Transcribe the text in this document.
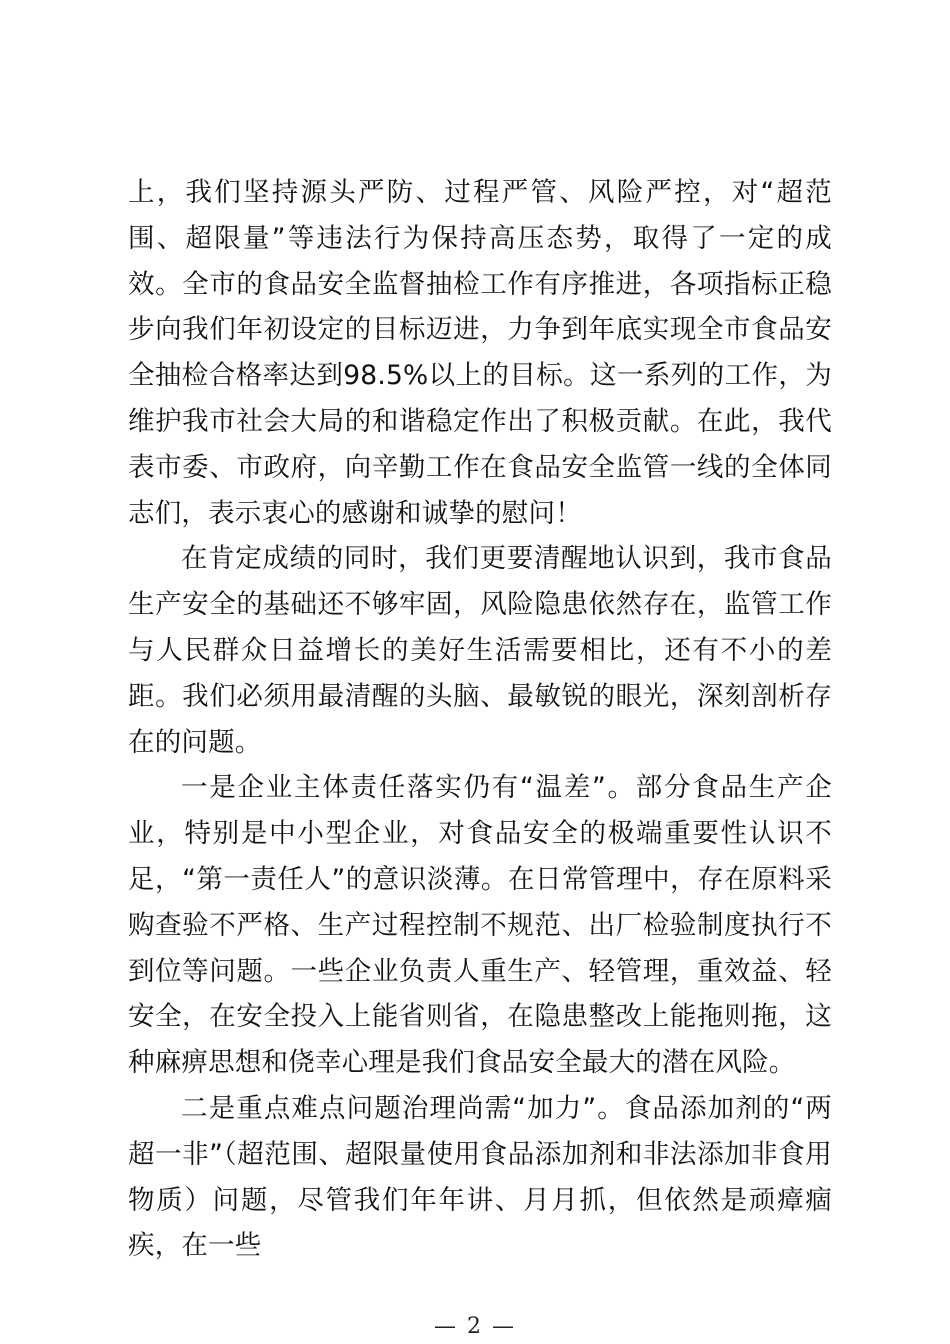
上，我们坚持源头严防、过程严管、风险严控，对“超范围、超限量”等违法行为保持高压态势，取得了一定的成效。全市的食品安全监督抽检工作有序推进，各项指标正稳步向我们年初设定的目标迈进，力争到年底实现全市食品安全抽检合格率达到98.5%以上的目标。这一系列的工作，为维护我市社会大局的和谐稳定作出了积极贡献。在此，我代表市委、市政府，向辛勤工作在食品安全监管一线的全体同志们，表示衷心的感谢和诚挚的慰问！

在肯定成绩的同时，我们更要清醒地认识到，我市食品生产安全的基础还不够牢固，风险隐患依然存在，监管工作与人民群众日益增长的美好生活需要相比，还有不小的差距。我们必须用最清醒的头脑、最敏锐的眼光，深刻剖析存在的问题。

一是企业主体责任落实仍有“温差”。部分食品生产企业，特别是中小型企业，对食品安全的极端重要性认识不足，“第一责任人”的意识淡薄。在日常管理中，存在原料采购查验不严格、生产过程控制不规范、出厂检验制度执行不到位等问题。一些企业负责人重生产、轻管理，重效益、轻安全，在安全投入上能省则省，在隐患整改上能拖则拖，这种麻痹思想和侥幸心理是我们食品安全最大的潜在风险。

二是重点难点问题治理尚需“加力”。食品添加剂的“两超一非”（超范围、超限量使用食品添加剂和非法添加非食用物质）问题，尽管我们年年讲、月月抓，但依然是顽瘴痼疾，在一些

— 2 —
